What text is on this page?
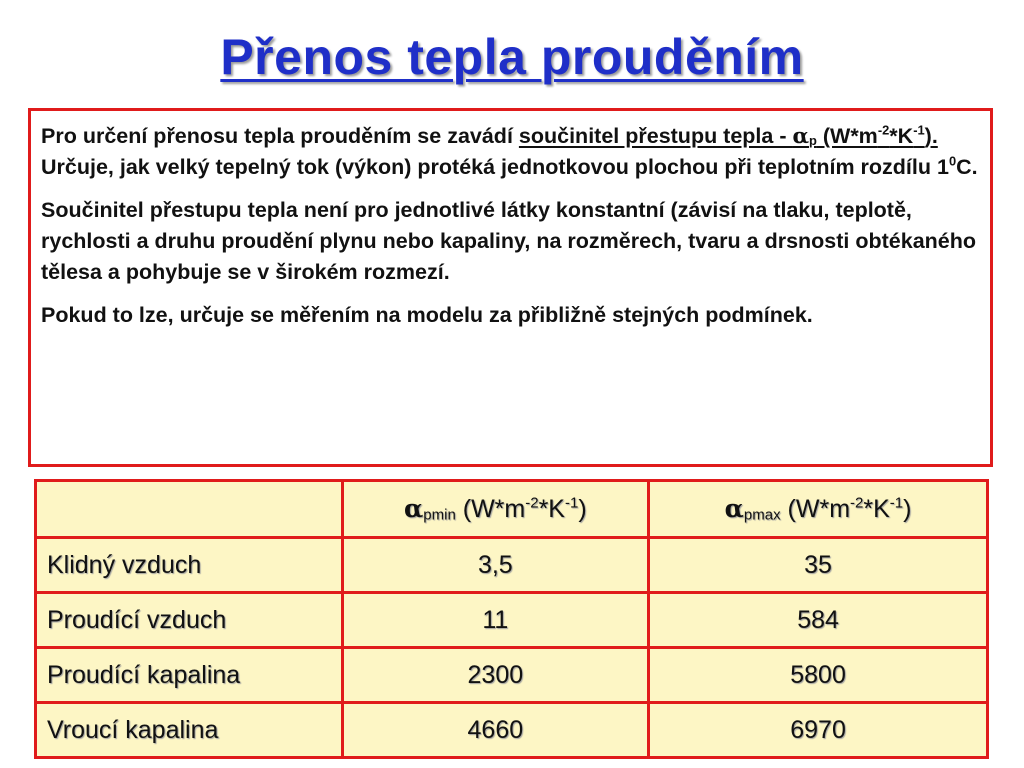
Přenos tepla prouděním

Pro určení přenosu tepla prouděním se zavádí součinitel přestupu tepla - $\alpha_p$ $(W*m^{-2}*K^{-1})$. Určuje, jak velký tepelný tok (výkon) protéká jednotkovou plochou při teplotním rozdílu $1^0C$.

Součinitel přestupu tepla není pro jednotlivé látky konstantní (závisí na tlaku, teplotě, rychlosti a druhu proudění plynu nebo kapaliny, na rozměrech, tvaru a drsnosti obtékaného tělesa a pohybuje se v širokém rozmezí.

Pokud to lze, určuje se měřením na modelu za přibližně stejných podmínek.

	$\alpha_{pmin}$ $(W*m^{-2}*K^{-1})$	$\alpha_{pmax}$ $(W*m^{-2}*K^{-1})$
Klidný vzduch	3,5	35
Proudící vzduch	11	584
Proudící kapalina	2300	5800
Vroucí kapalina	4660	6970
